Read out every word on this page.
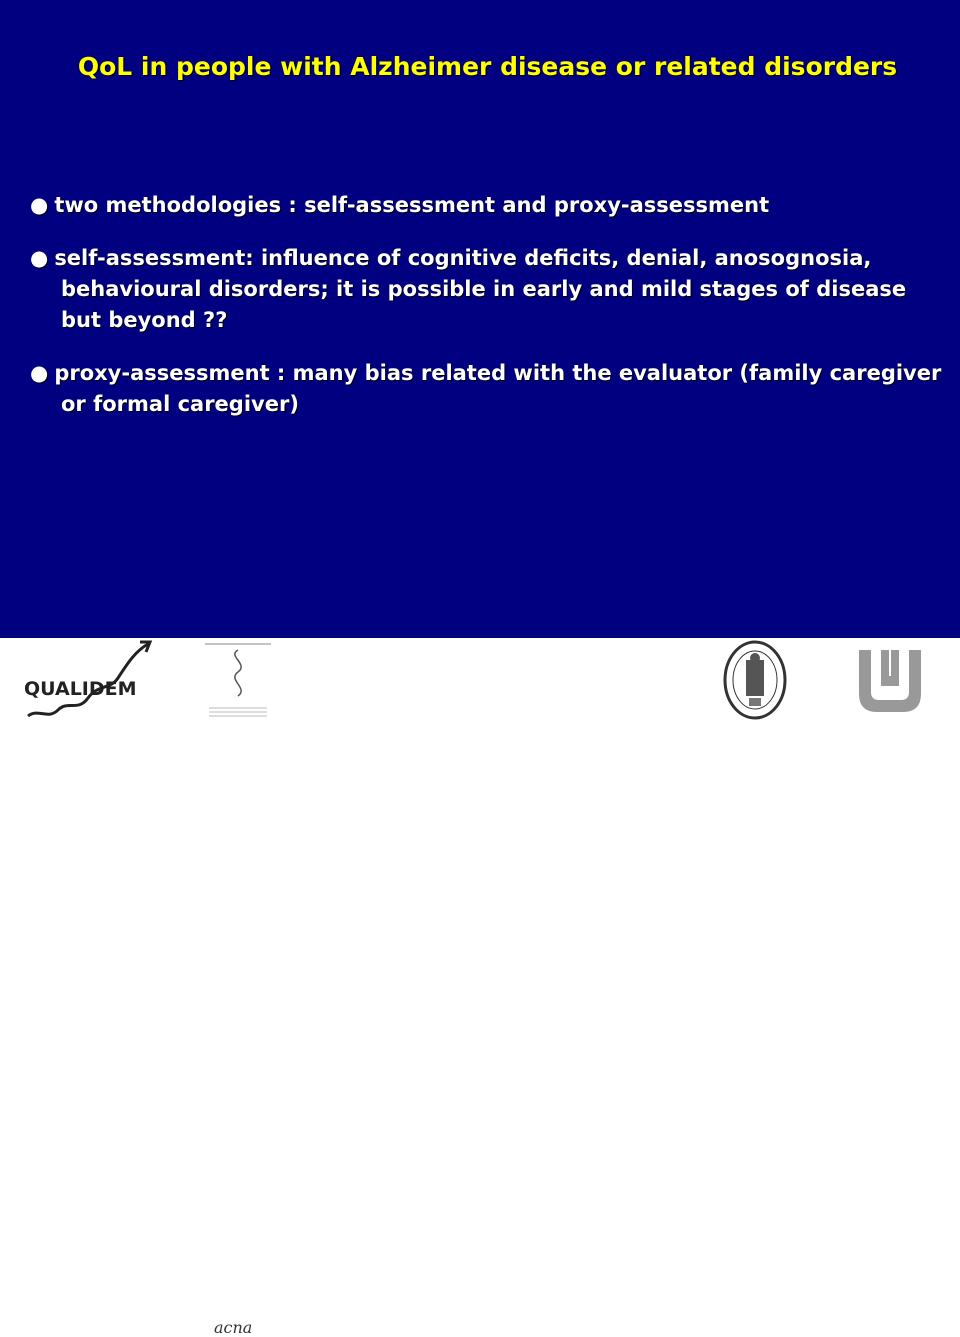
QoL in people with Alzheimer disease or related disorders
● two methodologies : self-assessment and proxy-assessment
● self-assessment: influence of cognitive deficits, denial, anosognosia, behavioural disorders; it is possible in early and mild stages of disease but beyond ??
● proxy-assessment : many bias related with the evaluator (family caregiver or formal caregiver)
QUALIDEM
acna
